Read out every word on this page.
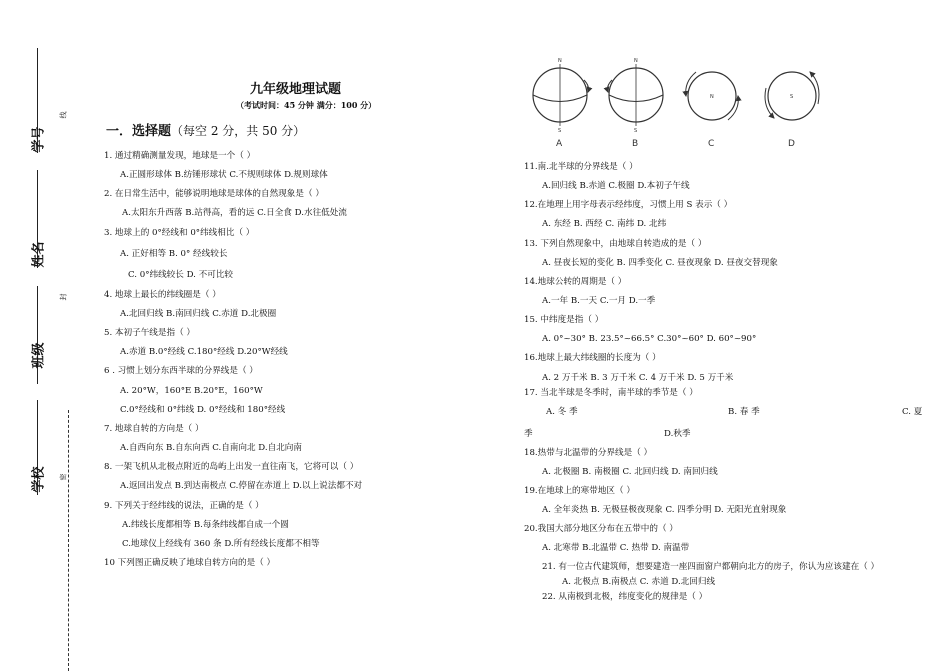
学号
姓名
班级
学校
线
封
密
九年级地理试题
（考试时间：45 分钟 满分：100 分）
一．选择题（每空 2 分，共 50 分）
1. 通过精确测量发现，地球是一个（ ）
A.正圆形球体 B.纺锤形球状 C.不规则球体 D.规则球体
2. 在日常生活中，能够说明地球是球体的自然现象是（ ）
A.太阳东升西落 B.站得高，看的远 C.日全食 D.水往低处流
3. 地球上的 0°经线和 0°纬线相比（ ）
A. 正好相等 B. 0° 经线较长
C. 0°纬线较长 D. 不可比较
4. 地球上最长的纬线圈是（ ）
A.北回归线 B.南回归线 C.赤道 D.北极圈
5. 本初子午线是指（ ）
A.赤道 B.0°经线 C.180°经线 D.20°W经线
6 . 习惯上划分东西半球的分界线是（ ）
A. 20°W，160°E B.20°E，160°W
C.0°经线和 0°纬线 D. 0°经线和 180°经线
7. 地球自转的方向是（ ）
A.自西向东 B.自东向西 C.自南向北 D.自北向南
8. 一架飞机从北极点附近的岛屿上出发一直往南飞，它将可以（ ）
A.返回出发点 B.到达南极点 C.停留在赤道上 D.以上说法都不对
9. 下列关于经纬线的说法，正确的是（ ）
A.纬线长度都相等 B.每条纬线都自成一个圆
C.地球仪上经线有 360 条 D.所有经线长度都不相等
10 下列图正确反映了地球自转方向的是（ ）
N
S
N
S
N	S
A	B	C	D
11.南.北半球的分界线是（ ）
A.回归线 B.赤道 C.极圈 D.本初子午线
12.在地理上用字母表示经纬度，习惯上用 S 表示（ ）
A. 东经 B. 西经 C. 南纬 D. 北纬
13. 下列自然现象中，由地球自转造成的是（ ）
A. 昼夜长短的变化 B. 四季变化 C. 昼夜现象 D. 昼夜交替现象
14.地球公转的周期是（ ）
A.一年 B.一天 C.一月 D.一季
15. 中纬度是指（ ）
A. 0°~30° B. 23.5°~66.5° C.30°~60° D. 60°~90°
16.地球上最大纬线圈的长度为（ ）
A. 2 万千米 B. 3 万千米 C. 4 万千米 D. 5 万千米
17. 当北半球是冬季时，南半球的季节是（ ）
A. 冬 季	B. 春 季	C. 夏
季	D.秋季
18.热带与北温带的分界线是（ ）
A. 北极圈 B. 南极圈 C. 北回归线 D. 南回归线
19.在地球上的寒带地区（ ）
A. 全年炎热 B. 无极昼极夜现象 C. 四季分明 D. 无阳光直射现象
20.我国大部分地区分布在五带中的（ ）
A. 北寒带 B.北温带 C. 热带 D. 南温带
21. 有一位古代建筑师，想要建造一座四面窗户都朝向北方的房子，你认为应该建在（ ）
A. 北极点 B.南极点 C. 赤道 D.北回归线
22. 从南极到北极，纬度变化的规律是（ ）
